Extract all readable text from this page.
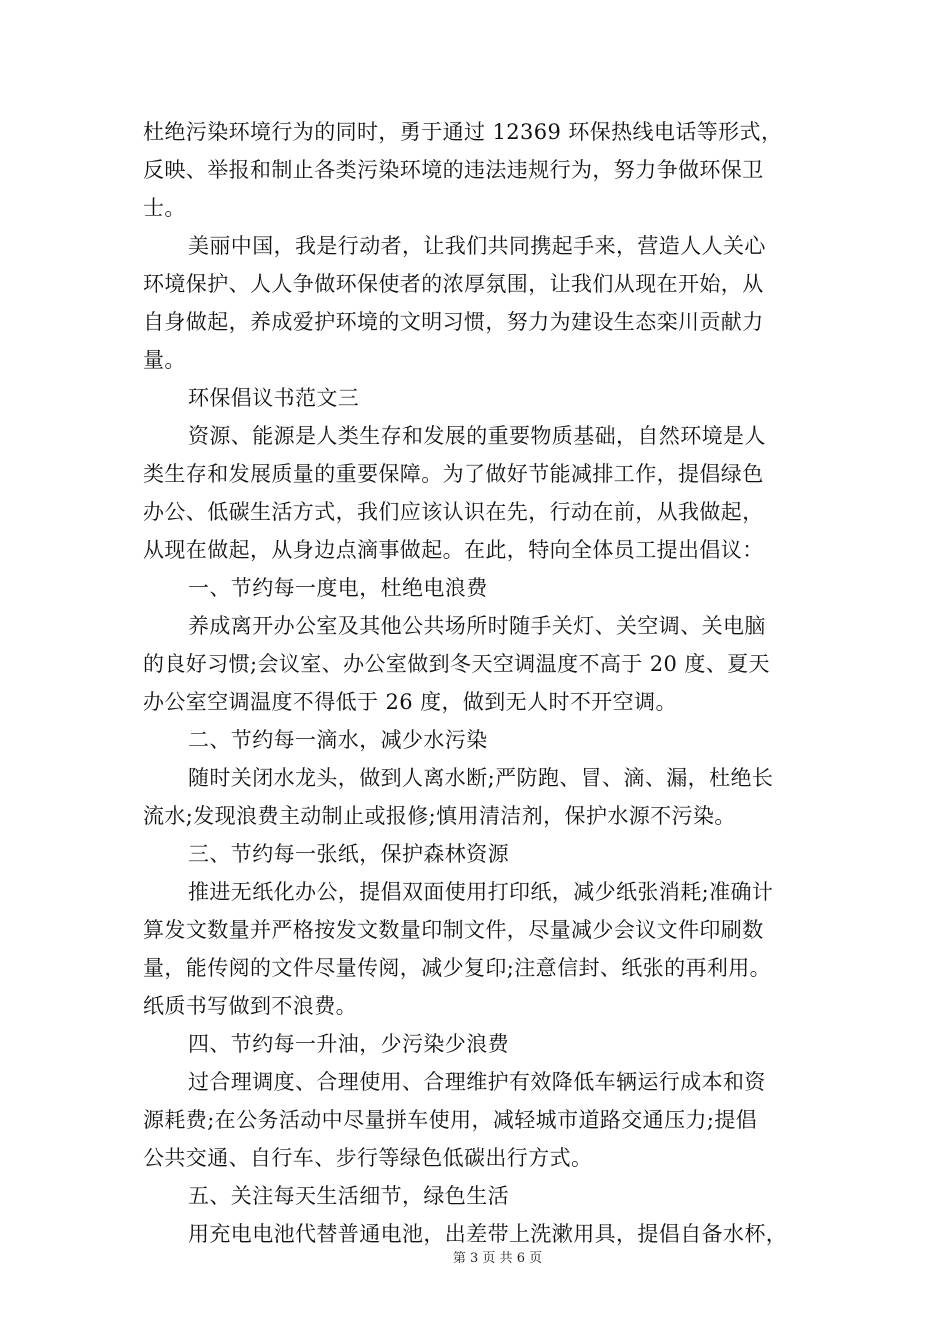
杜绝污染环境行为的同时，勇于通过 12369 环保热线电话等形式，
反映、举报和制止各类污染环境的违法违规行为，努力争做环保卫
士。
美丽中国，我是行动者，让我们共同携起手来，营造人人关心
环境保护、人人争做环保使者的浓厚氛围，让我们从现在开始，从
自身做起，养成爱护环境的文明习惯，努力为建设生态栾川贡献力
量。
环保倡议书范文三
资源、能源是人类生存和发展的重要物质基础，自然环境是人
类生存和发展质量的重要保障。为了做好节能减排工作，提倡绿色
办公、低碳生活方式，我们应该认识在先，行动在前，从我做起，
从现在做起，从身边点滴事做起。在此，特向全体员工提出倡议：
一、节约每一度电，杜绝电浪费
养成离开办公室及其他公共场所时随手关灯、关空调、关电脑
的良好习惯;会议室、办公室做到冬天空调温度不高于 20 度、夏天
办公室空调温度不得低于 26 度，做到无人时不开空调。
二、节约每一滴水，减少水污染
随时关闭水龙头，做到人离水断;严防跑、冒、滴、漏，杜绝长
流水;发现浪费主动制止或报修;慎用清洁剂，保护水源不污染。
三、节约每一张纸，保护森林资源
推进无纸化办公，提倡双面使用打印纸，减少纸张消耗;准确计
算发文数量并严格按发文数量印制文件，尽量减少会议文件印刷数
量，能传阅的文件尽量传阅，减少复印;注意信封、纸张的再利用。
纸质书写做到不浪费。
四、节约每一升油，少污染少浪费
过合理调度、合理使用、合理维护有效降低车辆运行成本和资
源耗费;在公务活动中尽量拼车使用，减轻城市道路交通压力;提倡
公共交通、自行车、步行等绿色低碳出行方式。
五、关注每天生活细节，绿色生活
用充电电池代替普通电池，出差带上洗漱用具，提倡自备水杯，
第 3 页 共 6 页
